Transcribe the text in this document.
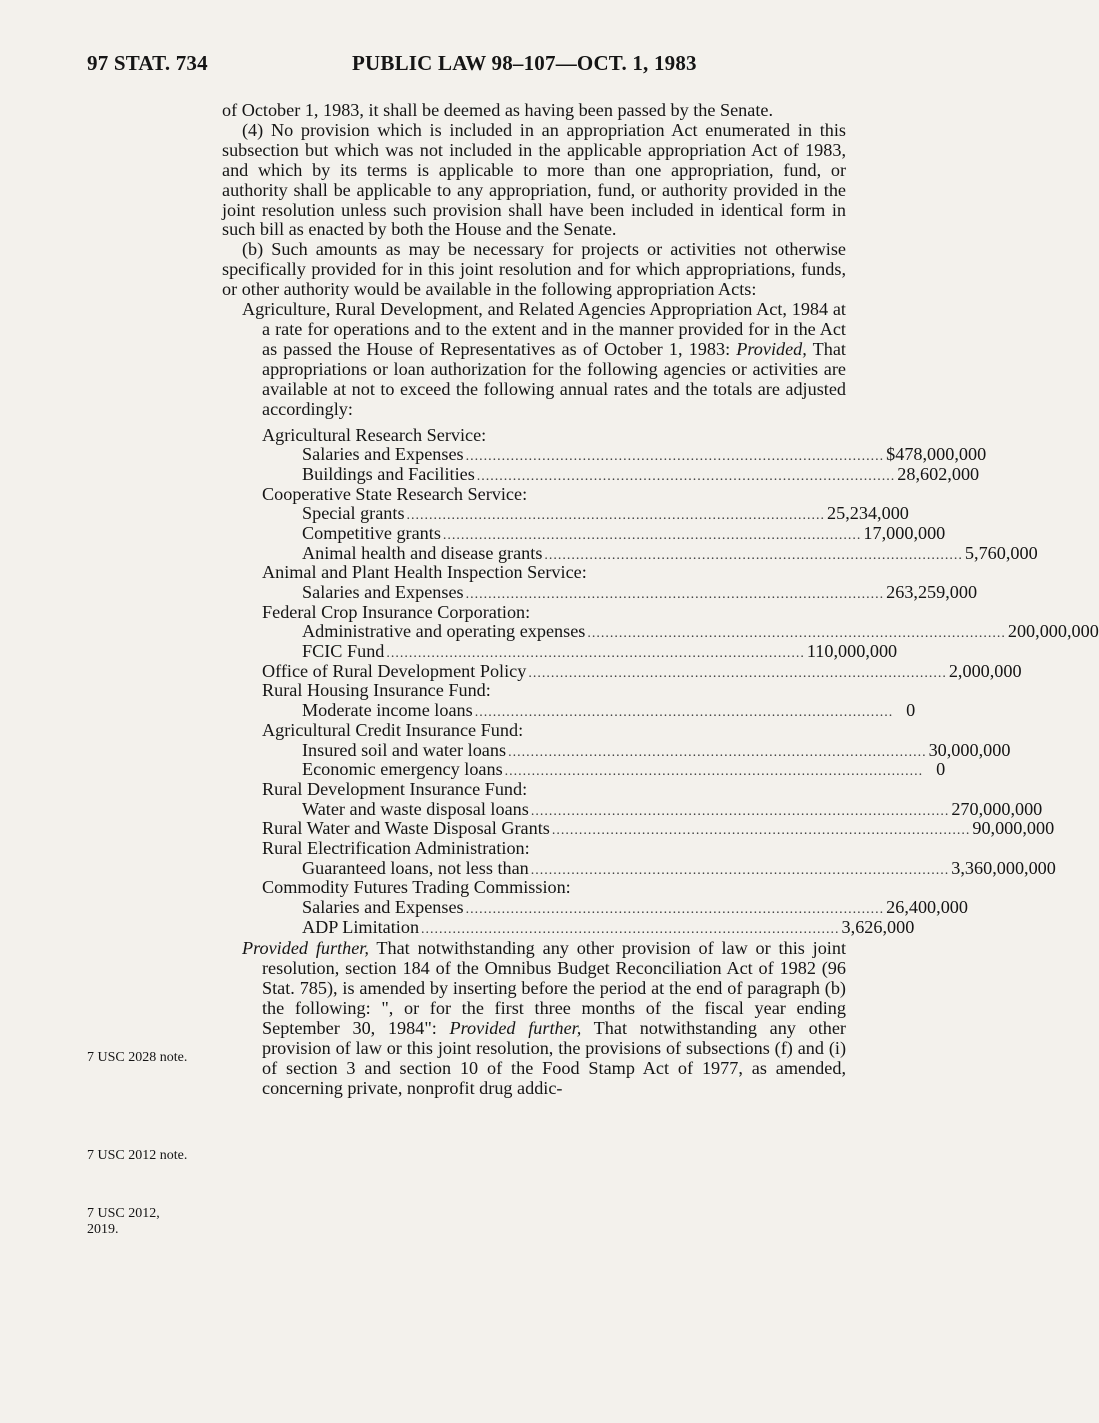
97 STAT. 734	PUBLIC LAW 98–107—OCT. 1, 1983
7 USC 2028 note.
7 USC 2012 note.
7 USC 2012,
2019.

of October 1, 1983, it shall be deemed as having been passed by the Senate.

(4) No provision which is included in an appropriation Act enumerated in this subsection but which was not included in the applicable appropriation Act of 1983, and which by its terms is applicable to more than one appropriation, fund, or authority shall be applicable to any appropriation, fund, or authority provided in the joint resolution unless such provision shall have been included in identical form in such bill as enacted by both the House and the Senate.

(b) Such amounts as may be necessary for projects or activities not otherwise specifically provided for in this joint resolution and for which appropriations, funds, or other authority would be available in the following appropriation Acts:

Agriculture, Rural Development, and Related Agencies Appropriation Act, 1984 at a rate for operations and to the extent and in the manner provided for in the Act as passed the House of Representatives as of October 1, 1983: Provided, That appropriations or loan authorization for the following agencies or activities are available at not to exceed the following annual rates and the totals are adjusted accordingly:

Agricultural Research Service:
Salaries and Expenses ............................................................................................. $478,000,000
Buildings and Facilities ............................................................................................. 28,602,000
Cooperative State Research Service:
Special grants ............................................................................................. 25,234,000
Competitive grants ............................................................................................. 17,000,000
Animal health and disease grants ............................................................................................. 5,760,000
Animal and Plant Health Inspection Service:
Salaries and Expenses ............................................................................................. 263,259,000
Federal Crop Insurance Corporation:
Administrative and operating expenses ............................................................................................. 200,000,000
FCIC Fund ............................................................................................. 110,000,000
Office of Rural Development Policy ............................................................................................. 2,000,000
Rural Housing Insurance Fund:
Moderate income loans ............................................................................................. 0
Agricultural Credit Insurance Fund:
Insured soil and water loans ............................................................................................. 30,000,000
Economic emergency loans ............................................................................................. 0
Rural Development Insurance Fund:
Water and waste disposal loans ............................................................................................. 270,000,000
Rural Water and Waste Disposal Grants ............................................................................................. 90,000,000
Rural Electrification Administration:
Guaranteed loans, not less than ............................................................................................. 3,360,000,000
Commodity Futures Trading Commission:
Salaries and Expenses ............................................................................................. 26,400,000
ADP Limitation ............................................................................................. 3,626,000

Provided further, That notwithstanding any other provision of law or this joint resolution, section 184 of the Omnibus Budget Reconciliation Act of 1982 (96 Stat. 785), is amended by inserting before the period at the end of paragraph (b) the following: ", or for the first three months of the fiscal year ending September 30, 1984": Provided further, That notwithstanding any other provision of law or this joint resolution, the provisions of subsections (f) and (i) of section 3 and section 10 of the Food Stamp Act of 1977, as amended, concerning private, nonprofit drug addic-
